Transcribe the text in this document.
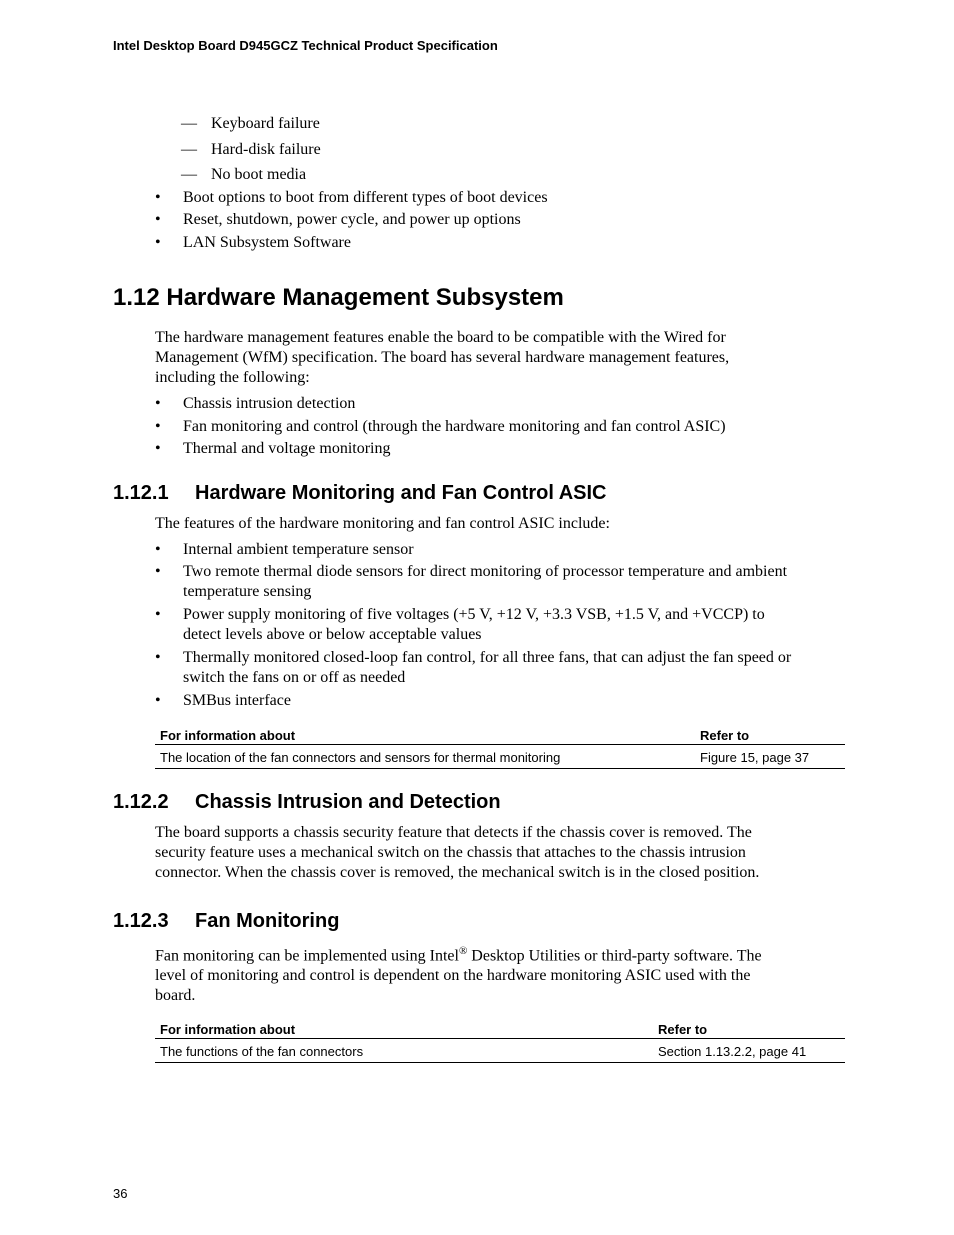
Intel Desktop Board D945GCZ Technical Product Specification
— Keyboard failure
— Hard-disk failure
— No boot media
•	Boot options to boot from different types of boot devices
•	Reset, shutdown, power cycle, and power up options
•	LAN Subsystem Software
1.12 Hardware Management Subsystem
The hardware management features enable the board to be compatible with the Wired for
Management (WfM) specification. The board has several hardware management features,
including the following:
•	Chassis intrusion detection
•	Fan monitoring and control (through the hardware monitoring and fan control ASIC)
•	Thermal and voltage monitoring
1.12.1 Hardware Monitoring and Fan Control ASIC
The features of the hardware monitoring and fan control ASIC include:
•	Internal ambient temperature sensor
•	Two remote thermal diode sensors for direct monitoring of processor temperature and ambient
temperature sensing
•	Power supply monitoring of five voltages (+5 V, +12 V, +3.3 VSB, +1.5 V, and +VCCP) to
detect levels above or below acceptable values
•	Thermally monitored closed-loop fan control, for all three fans, that can adjust the fan speed or
switch the fans on or off as needed
•	SMBus interface
For information about	Refer to
The location of the fan connectors and sensors for thermal monitoring	Figure 15, page 37
1.12.2 Chassis Intrusion and Detection
The board supports a chassis security feature that detects if the chassis cover is removed. The
security feature uses a mechanical switch on the chassis that attaches to the chassis intrusion
connector. When the chassis cover is removed, the mechanical switch is in the closed position.
1.12.3 Fan Monitoring
Fan monitoring can be implemented using Intel® Desktop Utilities or third-party software. The
level of monitoring and control is dependent on the hardware monitoring ASIC used with the
board.
For information about	Refer to
The functions of the fan connectors	Section 1.13.2.2, page 41
36
